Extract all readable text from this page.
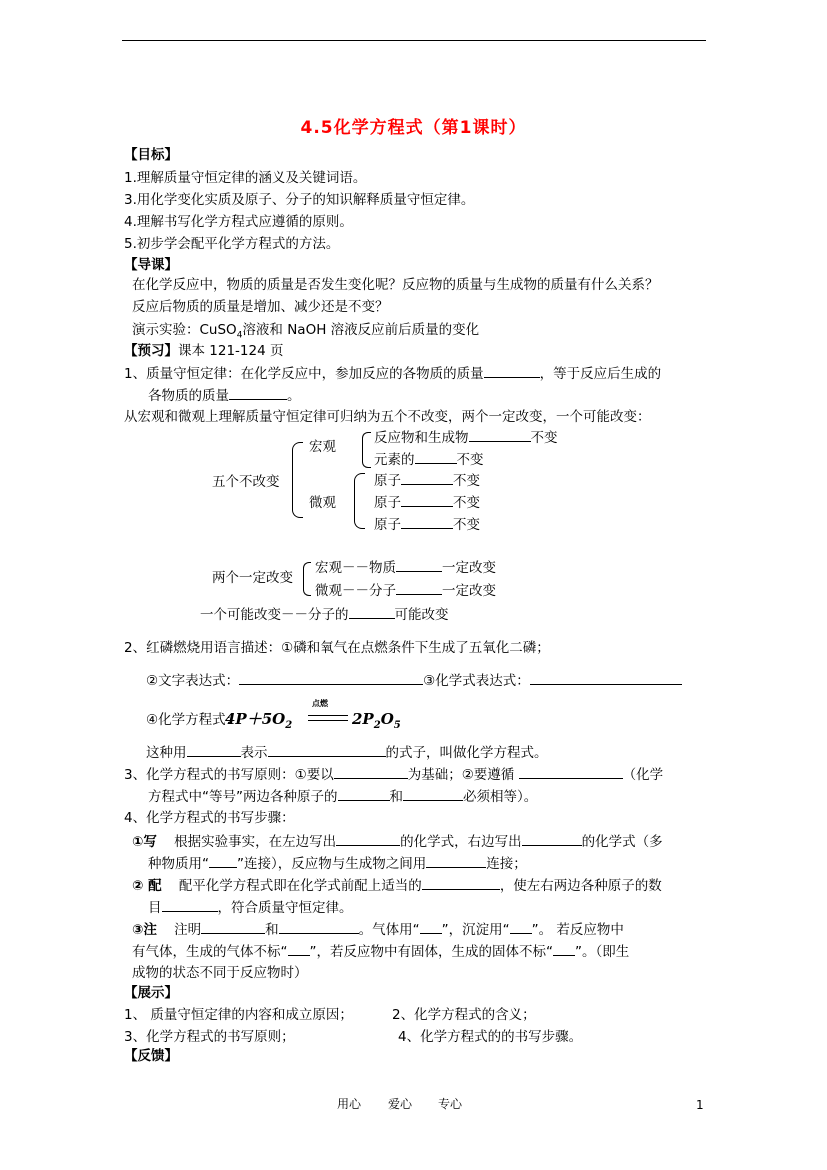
4.5化学方程式（第1课时）
【目标】
1.理解质量守恒定律的涵义及关键词语。
3.用化学变化实质及原子、分子的知识解释质量守恒定律。
4.理解书写化学方程式应遵循的原则。
5.初步学会配平化学方程式的方法。
【导课】
在化学反应中，物质的质量是否发生变化呢？反应物的质量与生成物的质量有什么关系？
反应后物质的质量是增加、减少还是不变？
演示实验：CuSO$_4$溶液和 NaOH 溶液反应前后质量的变化
【预习】课本 121-124 页
1、质量守恒定律：在化学反应中，参加反应的各物质的质量	，等于反应后生成的
各物质的质量	。
从宏观和微观上理解质量守恒定律可归纳为五个不改变，两个一定改变，一个可能改变：
五个不改变
宏观
微观
反应物和生成物	不变
元素的	不变
原子	不变
原子	不变
原子	不变
两个一定改变
宏观－－物质	一定改变
微观－－分子	一定改变
一个可能改变－－分子的	可能改变
2、红磷燃烧用语言描述：①磷和氧气在点燃条件下生成了五氧化二磷；
②文字表达式：	③化学式表达式：
④化学方程式：
$4P+5O_2$
点燃
$2P_2O_5$
这种用	表示	的式子，叫做化学方程式。
3、化学方程式的书写原则：①要以	为基础；②要遵循	（化学
方程式中“等号”两边各种原子的	和	必须相等）。
4、化学方程式的书写步骤：
①写 根据实验事实，在左边写出	的化学式，右边写出	的化学式（多
种物质用“ ”连接），反应物与生成物之间用	连接；
② 配 配平化学方程式即在化学式前配上适当的	，使左右两边各种原子的数
目	，符合质量守恒定律。
③注 注明	和	。气体用“ ”，沉淀用“ ”。 若反应物中
有气体，生成的气体不标“ ”，若反应物中有固体，生成的固体不标“ ”。（即生
成物的状态不同于反应物时）
【展示】
1、 质量守恒定律的内容和成立原因；	2、化学方程式的含义；
3、化学方程式的书写原则；	4、化学方程式的的书写步骤。
【反馈】
用心 爱心 专心	1
